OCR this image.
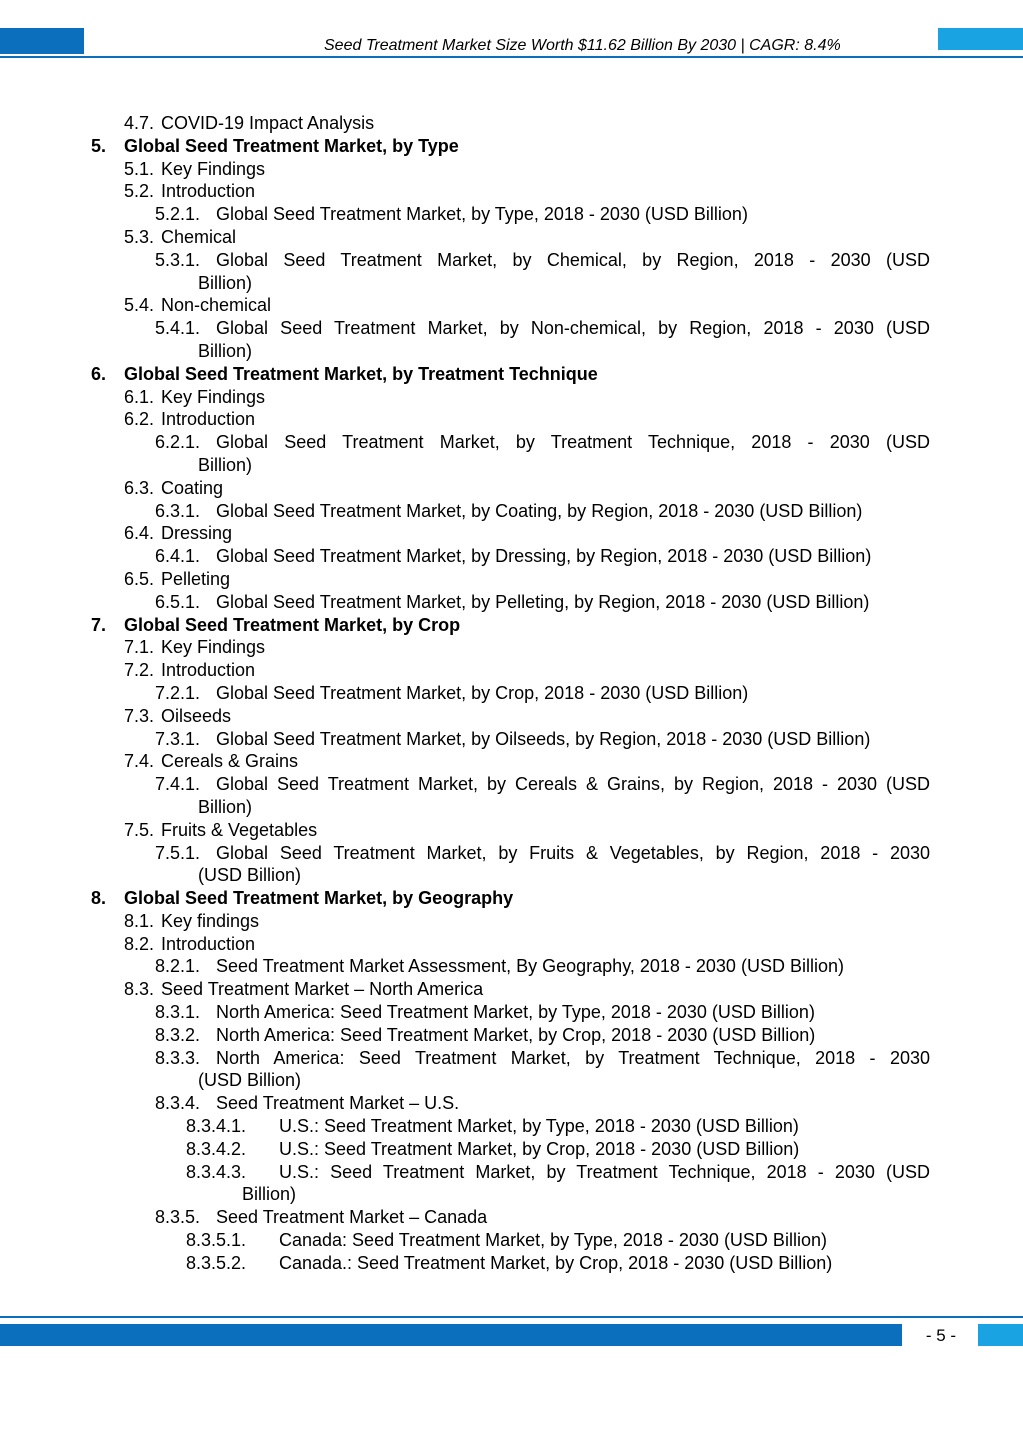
Seed Treatment Market Size Worth $11.62 Billion By 2030 | CAGR: 8.4%
4.7. COVID-19 Impact Analysis
5. Global Seed Treatment Market, by Type
5.1. Key Findings
5.2. Introduction
5.2.1. Global Seed Treatment Market, by Type, 2018 - 2030 (USD Billion)
5.3. Chemical
5.3.1. Global Seed Treatment Market, by Chemical, by Region, 2018 - 2030 (USD
Billion)
5.4. Non-chemical
5.4.1. Global Seed Treatment Market, by Non-chemical, by Region, 2018 - 2030 (USD
Billion)
6. Global Seed Treatment Market, by Treatment Technique
6.1. Key Findings
6.2. Introduction
6.2.1. Global Seed Treatment Market, by Treatment Technique, 2018 - 2030 (USD
Billion)
6.3. Coating
6.3.1. Global Seed Treatment Market, by Coating, by Region, 2018 - 2030 (USD Billion)
6.4. Dressing
6.4.1. Global Seed Treatment Market, by Dressing, by Region, 2018 - 2030 (USD Billion)
6.5. Pelleting
6.5.1. Global Seed Treatment Market, by Pelleting, by Region, 2018 - 2030 (USD Billion)
7. Global Seed Treatment Market, by Crop
7.1. Key Findings
7.2. Introduction
7.2.1. Global Seed Treatment Market, by Crop, 2018 - 2030 (USD Billion)
7.3. Oilseeds
7.3.1. Global Seed Treatment Market, by Oilseeds, by Region, 2018 - 2030 (USD Billion)
7.4. Cereals & Grains
7.4.1. Global Seed Treatment Market, by Cereals & Grains, by Region, 2018 - 2030 (USD
Billion)
7.5. Fruits & Vegetables
7.5.1. Global Seed Treatment Market, by Fruits & Vegetables, by Region, 2018 - 2030
(USD Billion)
8. Global Seed Treatment Market, by Geography
8.1. Key findings
8.2. Introduction
8.2.1. Seed Treatment Market Assessment, By Geography, 2018 - 2030 (USD Billion)
8.3. Seed Treatment Market – North America
8.3.1. North America: Seed Treatment Market, by Type, 2018 - 2030 (USD Billion)
8.3.2. North America: Seed Treatment Market, by Crop, 2018 - 2030 (USD Billion)
8.3.3. North America: Seed Treatment Market, by Treatment Technique, 2018 - 2030
(USD Billion)
8.3.4. Seed Treatment Market – U.S.
8.3.4.1. U.S.: Seed Treatment Market, by Type, 2018 - 2030 (USD Billion)
8.3.4.2. U.S.: Seed Treatment Market, by Crop, 2018 - 2030 (USD Billion)
8.3.4.3. U.S.: Seed Treatment Market, by Treatment Technique, 2018 - 2030 (USD
Billion)
8.3.5. Seed Treatment Market – Canada
8.3.5.1. Canada: Seed Treatment Market, by Type, 2018 - 2030 (USD Billion)
8.3.5.2. Canada.: Seed Treatment Market, by Crop, 2018 - 2030 (USD Billion)
- 5 -
